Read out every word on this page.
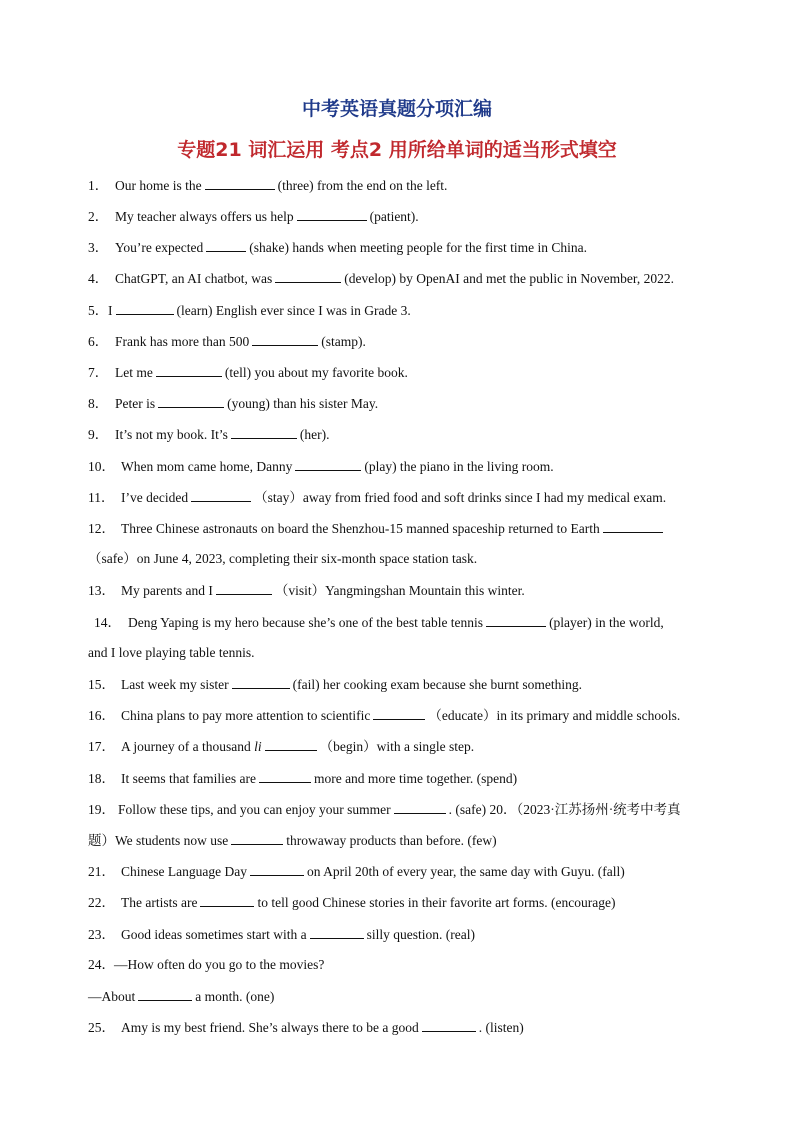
中考英语真题分项汇编
专题21 词汇运用 考点2 用所给单词的适当形式填空
1． Our home is the	(three) from the end on the left.
2． My teacher always offers us help	(patient).
3． You’re expected	(shake) hands when meeting people for the first time in China.
4． ChatGPT, an AI chatbot, was	(develop) by OpenAI and met the public in November, 2022.
5．I	(learn) English ever since I was in Grade 3.
6． Frank has more than 500	(stamp).
7． Let me	(tell) you about my favorite book.
8． Peter is	(young) than his sister May.
9． It’s not my book. It’s	(her).
10． When mom came home, Danny	(play) the piano in the living room.
11． I’ve decided	（stay）away from fried food and soft drinks since I had my medical exam.
12． Three Chinese astronauts on board the Shenzhou-15 manned spaceship returned to Earth
（safe）on June 4, 2023, completing their six-month space station task.
13． My parents and I	（visit）Yangmingshan Mountain this winter.
14． Deng Yaping is my hero because she’s one of the best table tennis	(player) in the world,
and I love playing table tennis.
15． Last week my sister	(fail) her cooking exam because she burnt something.
16． China plans to pay more attention to scientific	（educate）in its primary and middle schools.
17． A journey of a thousand li	（begin）with a single step.
18． It seems that families are	more and more time together. (spend)
19． Follow these tips, and you can enjoy your summer	. (safe) 20．（2023·江苏扬州·统考中考真
题）We students now use	throwaway products than before. (few)
21． Chinese Language Day	on April 20th of every year, the same day with Guyu. (fall)
22． The artists are	to tell good Chinese stories in their favorite art forms. (encourage)
23． Good ideas sometimes start with a	silly question. (real)
24．—How often do you go to the movies?
—About	a month. (one)
25． Amy is my best friend. She’s always there to be a good	. (listen)
